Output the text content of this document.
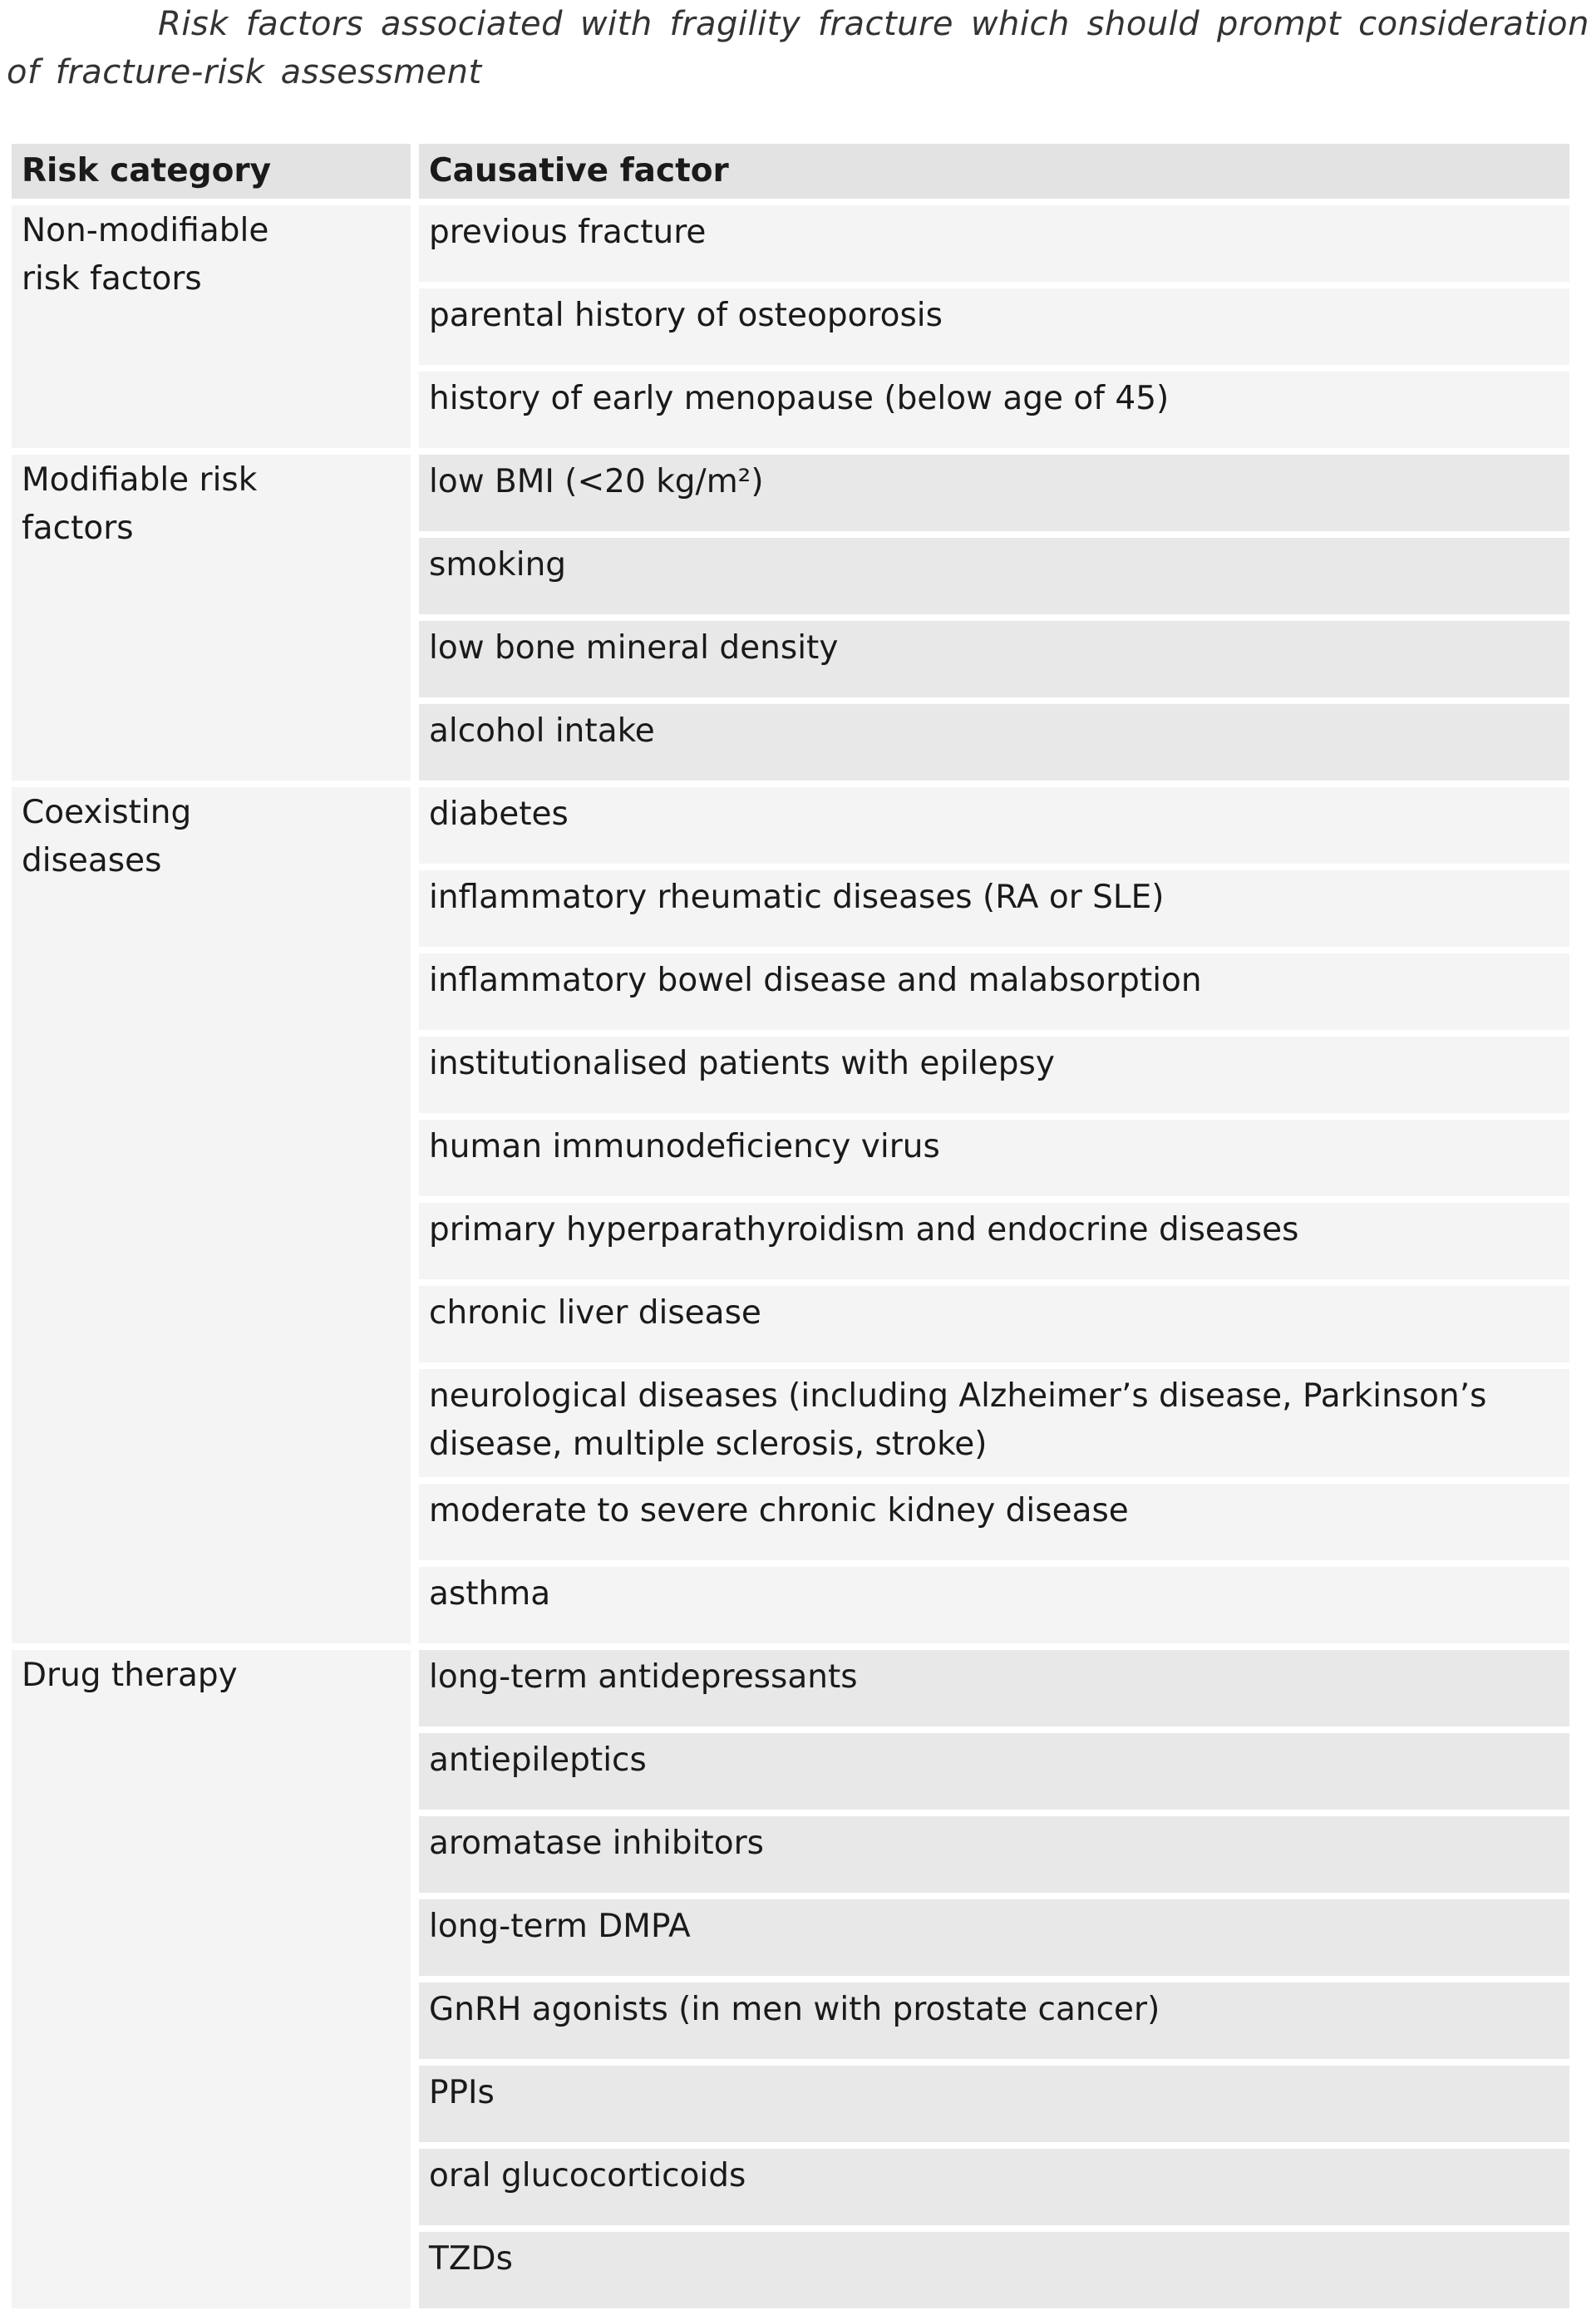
Risk factors associated with fragility fracture which should prompt consideration of fracture-risk assessment
Risk category	Causative factor

Non-modifiable
risk factors	previous fracture
	parental history of osteoporosis
	history of early menopause (below age of 45)

Modifiable risk
factors	low BMI (<20 kg/m²)
	smoking
	low bone mineral density
	alcohol intake

Coexisting
diseases	diabetes
	inflammatory rheumatic diseases (RA or SLE)
	inflammatory bowel disease and malabsorption
	institutionalised patients with epilepsy
	human immunodeficiency virus
	primary hyperparathyroidism and endocrine diseases
	chronic liver disease
	neurological diseases (including Alzheimer’s disease, Parkinson’s disease, multiple sclerosis, stroke)
	moderate to severe chronic kidney disease
	asthma

Drug therapy	long-term antidepressants
	antiepileptics
	aromatase inhibitors
	long-term DMPA
	GnRH agonists (in men with prostate cancer)
	PPIs
	oral glucocorticoids
	TZDs
